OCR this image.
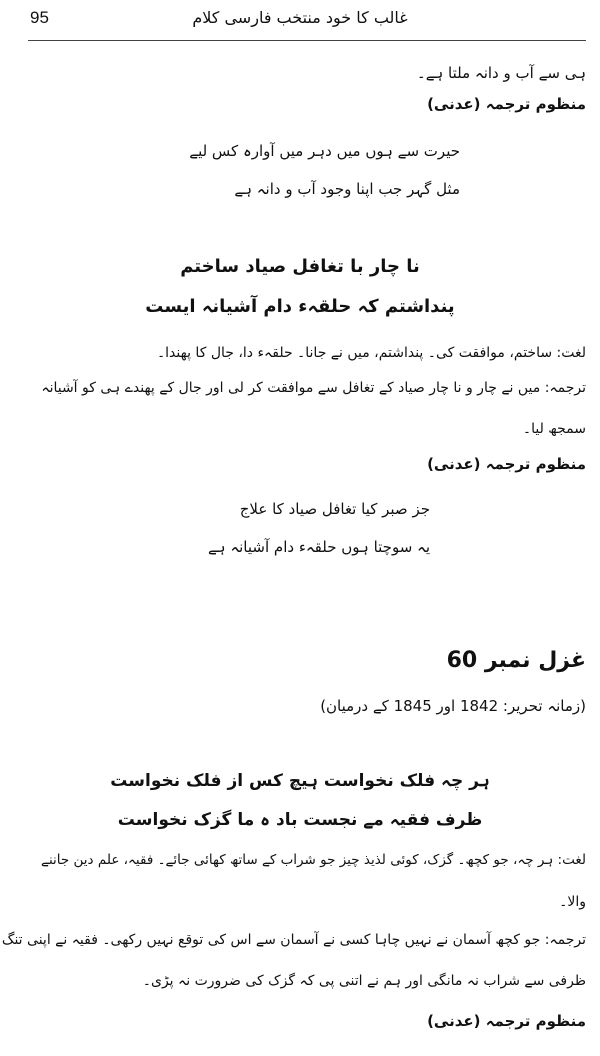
95	غالب کا خود منتخب فارسی کلام
ہی سے آب و دانہ ملتا ہے۔
منظوم ترجمہ (عدنی)
حیرت سے ہوں میں دہر میں آوارہ کس لیے
مثل گہر جب اپنا وجود آب و دانہ ہے
نا چار با تغافل صیاد ساختم
پنداشتم کہ حلقہء دام آشیانہ ایست
لغت: ساختم، موافقت کی۔ پنداشتم، میں نے جانا۔ حلقہء دا، جال کا پھندا۔
ترجمہ: میں نے چار و نا چار صیاد کے تغافل سے موافقت کر لی اور جال کے پھندے ہی کو آشیانہ
سمجھ لیا۔
منظوم ترجمہ (عدنی)
جز صبر کیا تغافل صیاد کا علاج
یہ سوچتا ہوں حلقہء دام آشیانہ ہے
غزل نمبر 60
(زمانہ تحریر: 1842 اور 1845 کے درمیان)
ہر چہ فلک نخواست ہیچ کس از فلک نخواست
ظرف فقیہ مے نجست باد ہ ما گزک نخواست
لغت: ہر چہ، جو کچھ۔ گزک، کوئی لذیذ چیز جو شراب کے ساتھ کھائی جائے۔ فقیہ، علم دین جاننے
والا۔
ترجمہ: جو کچھ آسمان نے نہیں چاہا کسی نے آسمان سے اس کی توقع نہیں رکھی۔ فقیہ نے اپنی تنگ
ظرفی سے شراب نہ مانگی اور ہم نے اتنی پی کہ گزک کی ضرورت نہ پڑی۔
منظوم ترجمہ (عدنی)
